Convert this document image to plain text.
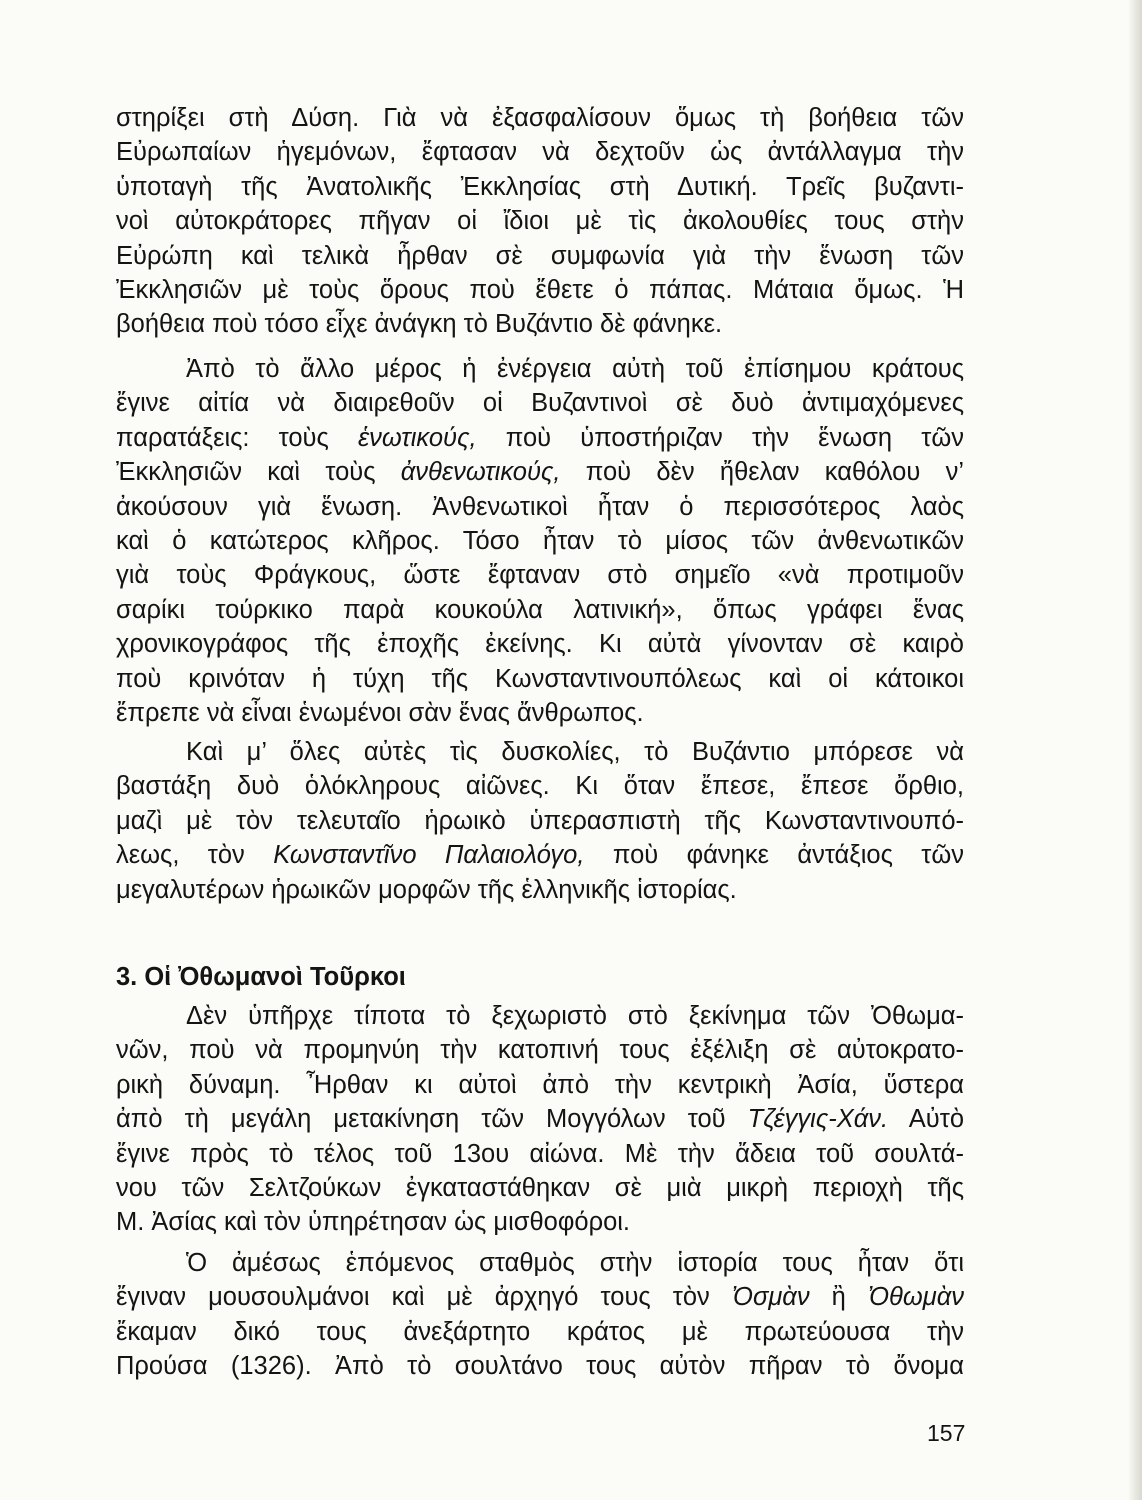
στηρίξει στὴ Δύση. Γιὰ νὰ ἐξασφαλίσουν ὅμως τὴ βοήθεια τῶν
Εὐρωπαίων ἡγεμόνων, ἔφτασαν νὰ δεχτοῦν ὡς ἀντάλλαγμα τὴν
ὑποταγὴ τῆς Ἀνατολικῆς Ἐκκλησίας στὴ Δυτική. Τρεῖς βυζαντι-
νοὶ αὐτοκράτορες πῆγαν οἱ ἴδιοι μὲ τὶς ἀκολουθίες τους στὴν
Εὐρώπη καὶ τελικὰ ἦρθαν σὲ συμφωνία γιὰ τὴν ἕνωση τῶν
Ἐκκλησιῶν μὲ τοὺς ὅρους ποὺ ἔθετε ὁ πάπας. Μάταια ὅμως. Ἡ
βοήθεια ποὺ τόσο εἶχε ἀνάγκη τὸ Βυζάντιο δὲ φάνηκε.
Ἀπὸ τὸ ἄλλο μέρος ἡ ἐνέργεια αὐτὴ τοῦ ἐπίσημου κράτους
ἔγινε αἰτία νὰ διαιρεθοῦν οἱ Βυζαντινοὶ σὲ δυὸ ἀντιμαχόμενες
παρατάξεις: τοὺς ἑνωτικούς, ποὺ ὑποστήριζαν τὴν ἕνωση τῶν
Ἐκκλησιῶν καὶ τοὺς ἀνθενωτικούς, ποὺ δὲν ἤθελαν καθόλου ν’
ἀκούσουν γιὰ ἕνωση. Ἀνθενωτικοὶ ἦταν ὁ περισσότερος λαὸς
καὶ ὁ κατώτερος κλῆρος. Τόσο ἦταν τὸ μίσος τῶν ἀνθενωτικῶν
γιὰ τοὺς Φράγκους, ὥστε ἔφταναν στὸ σημεῖο «νὰ προτιμοῦν
σαρίκι τούρκικο παρὰ κουκούλα λατινική», ὅπως γράφει ἕνας
χρονικογράφος τῆς ἐποχῆς ἐκείνης. Κι αὐτὰ γίνονταν σὲ καιρὸ
ποὺ κρινόταν ἡ τύχη τῆς Κωνσταντινουπόλεως καὶ οἱ κάτοικοι
ἔπρεπε νὰ εἶναι ἑνωμένοι σὰν ἕνας ἄνθρωπος.
Καὶ μ’ ὅλες αὐτὲς τὶς δυσκολίες, τὸ Βυζάντιο μπόρεσε νὰ
βαστάξη δυὸ ὁλόκληρους αἰῶνες. Κι ὅταν ἔπεσε, ἔπεσε ὄρθιο,
μαζὶ μὲ τὸν τελευταῖο ἡρωικὸ ὑπερασπιστὴ τῆς Κωνσταντινουπό-
λεως, τὸν Κωνσταντῖνο Παλαιολόγο, ποὺ φάνηκε ἀντάξιος τῶν
μεγαλυτέρων ἡρωικῶν μορφῶν τῆς ἑλληνικῆς ἱστορίας.
3. Οἱ Ὀθωμανοὶ Τοῦρκοι
Δὲν ὑπῆρχε τίποτα τὸ ξεχωριστὸ στὸ ξεκίνημα τῶν Ὀθωμα-
νῶν, ποὺ νὰ προμηνύη τὴν κατοπινή τους ἐξέλιξη σὲ αὐτοκρατο-
ρικὴ δύναμη. Ἦρθαν κι αὐτοὶ ἀπὸ τὴν κεντρικὴ Ἀσία, ὕστερα
ἀπὸ τὴ μεγάλη μετακίνηση τῶν Μογγόλων τοῦ Τζέγγις-Χάν. Αὐτὸ
ἔγινε πρὸς τὸ τέλος τοῦ 13ου αἰώνα. Μὲ τὴν ἄδεια τοῦ σουλτά-
νου τῶν Σελτζούκων ἐγκαταστάθηκαν σὲ μιὰ μικρὴ περιοχὴ τῆς
Μ. Ἀσίας καὶ τὸν ὑπηρέτησαν ὡς μισθοφόροι.
Ὁ ἀμέσως ἑπόμενος σταθμὸς στὴν ἱστορία τους ἦταν ὅτι
ἔγιναν μουσουλμάνοι καὶ μὲ ἀρχηγό τους τὸν Ὀσμὰν ἢ Ὀθωμὰν
ἔκαμαν δικό τους ἀνεξάρτητο κράτος μὲ πρωτεύουσα τὴν
Προύσα (1326). Ἀπὸ τὸ σουλτάνο τους αὐτὸν πῆραν τὸ ὄνομα
157
